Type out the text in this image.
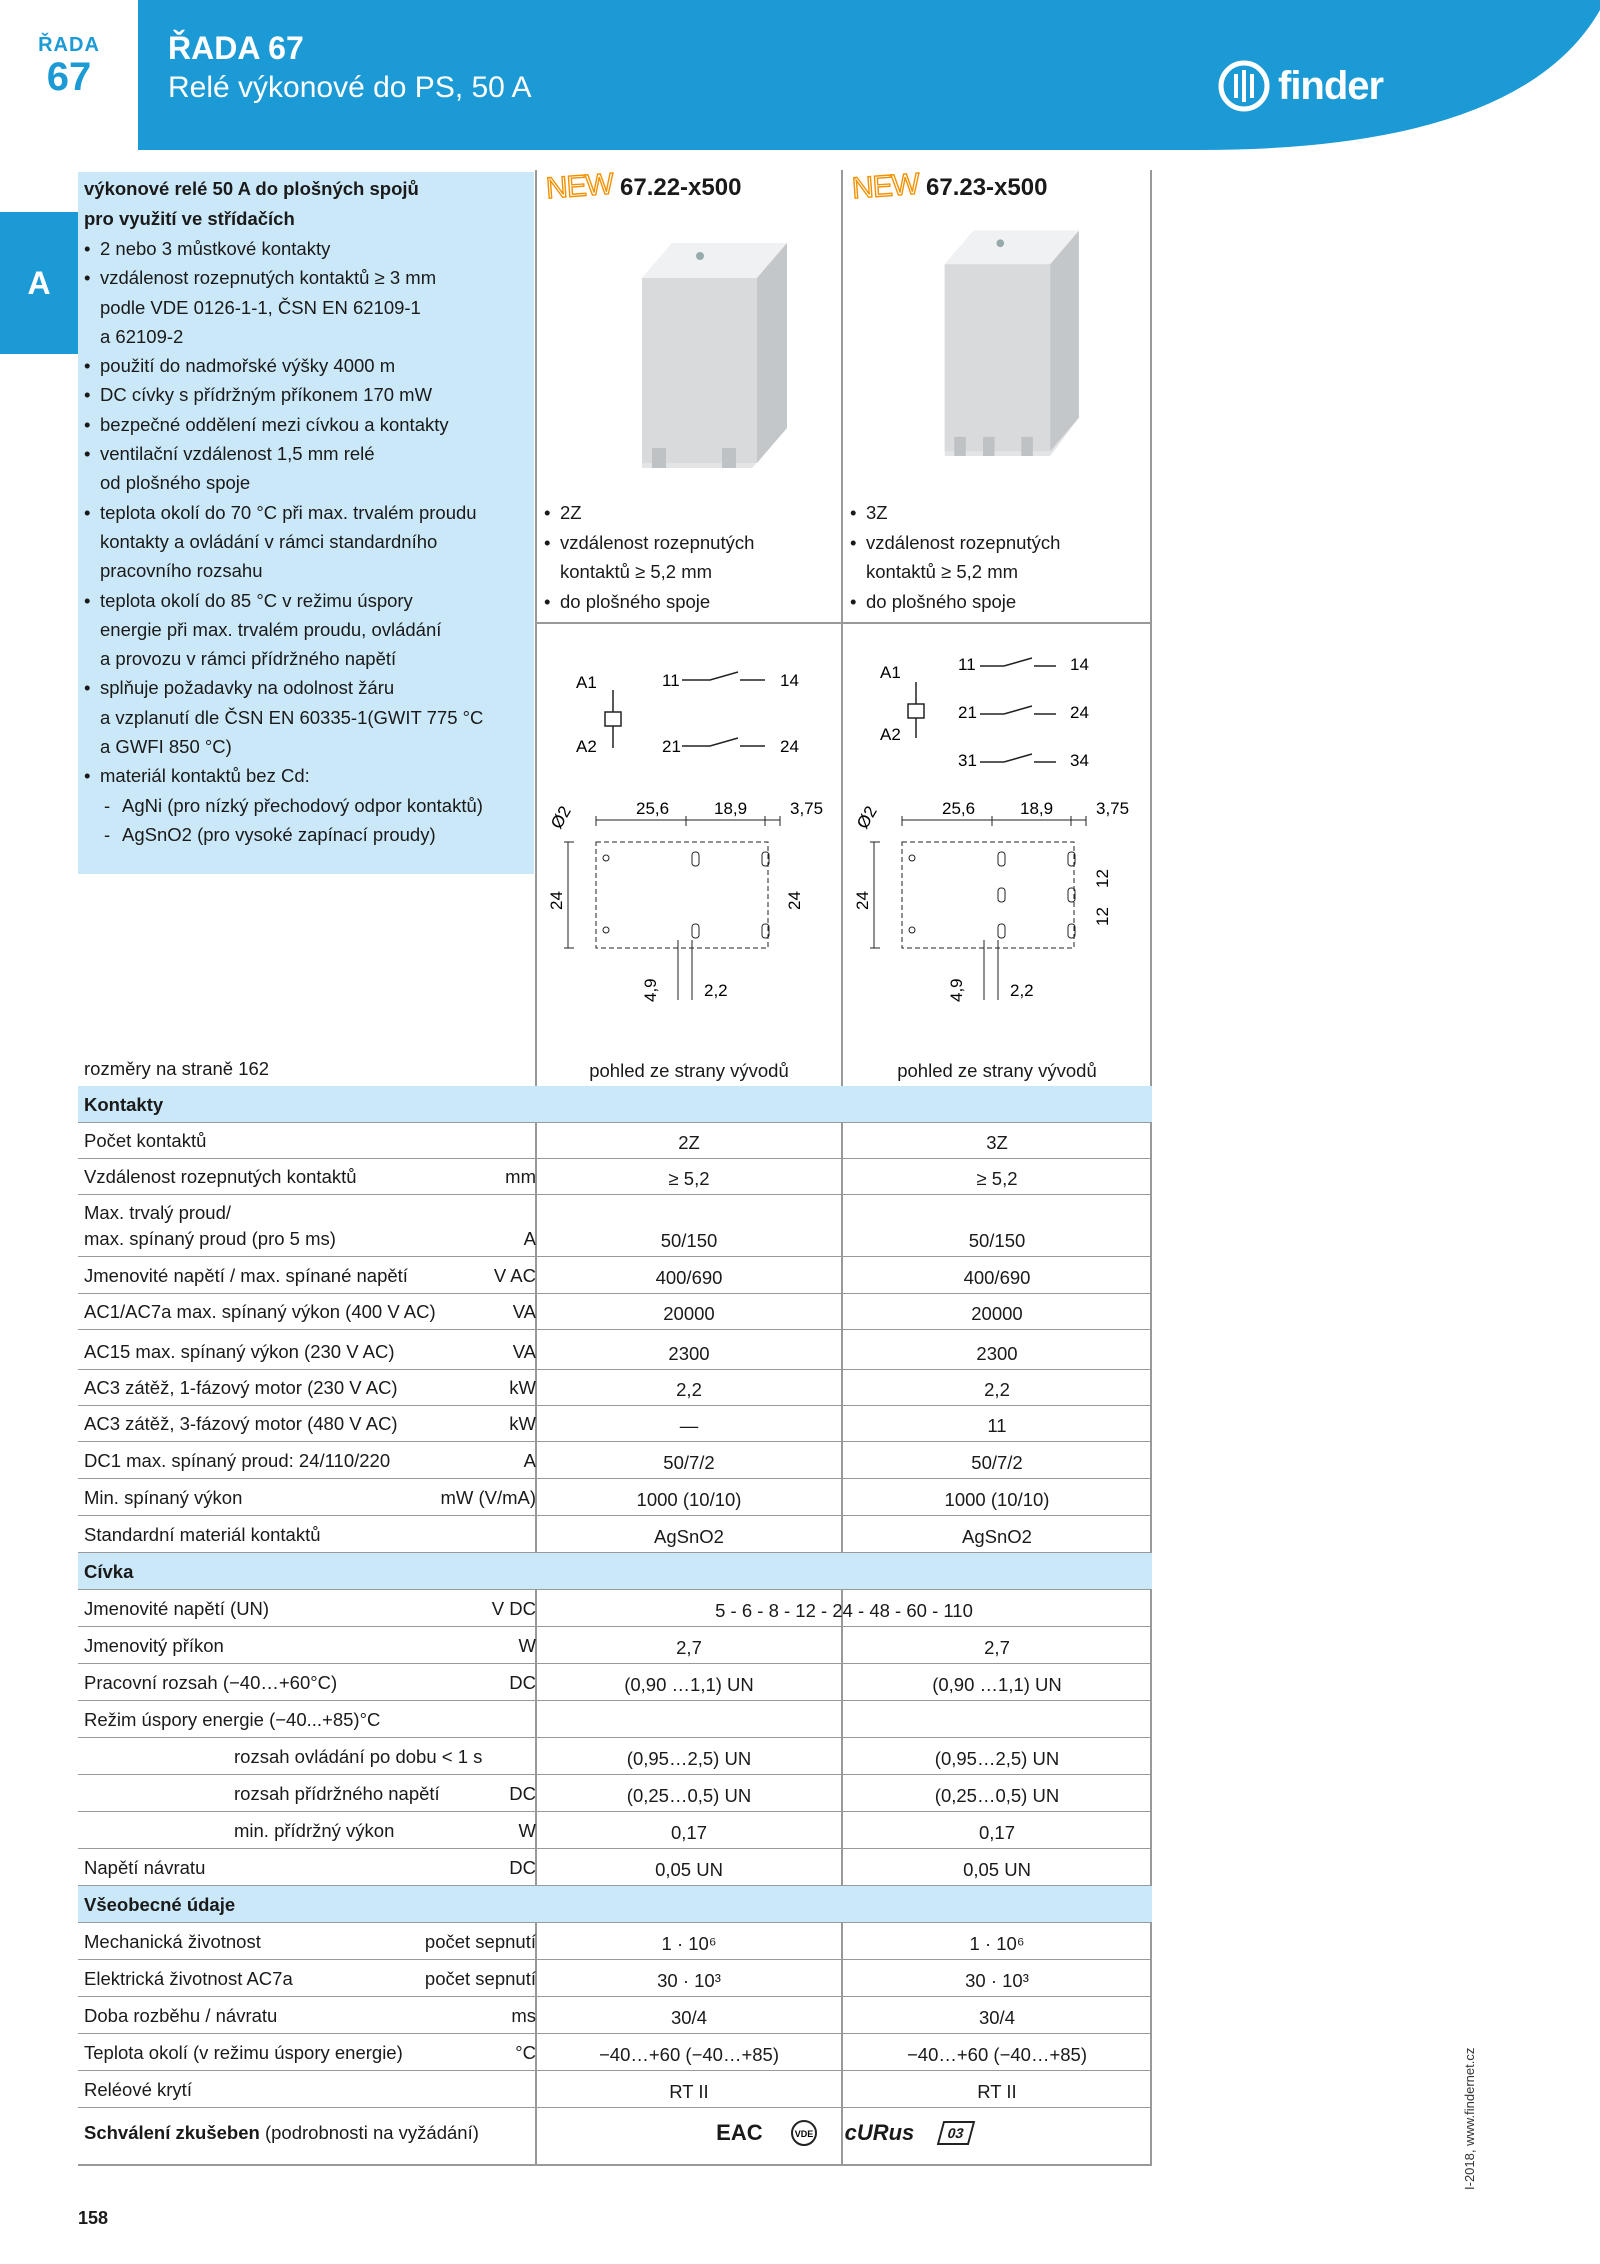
ŘADA
67
ŘADA 67
Relé výkonové do PS, 50 A	finder
A
výkonové relé 50 A do plošných spojů
pro využití ve střídačích
• 2 nebo 3 můstkové kontakty
• vzdálenost rozepnutých kontaktů ≥ 3 mm
podle VDE 0126-1-1, ČSN EN 62109-1
a 62109-2
• použití do nadmořské výšky 4000 m
• DC cívky s přídržným příkonem 170 mW
• bezpečné oddělení mezi cívkou a kontakty
• ventilační vzdálenost 1,5 mm relé
od plošného spoje
• teplota okolí do 70 °C při max. trvalém proudu
kontakty a ovládání v rámci standardního
pracovního rozsahu
• teplota okolí do 85 °C v režimu úspory
energie při max. trvalém proudu, ovládání
a provozu v rámci přídržného napětí
• splňuje požadavky na odolnost žáru
a vzplanutí dle ČSN EN 60335-1(GWIT 775 °C
a GWFI 850 °C)
• materiál kontaktů bez Cd:
- AgNi (pro nízký přechodový odpor kontaktů)
- AgSnO2 (pro vysoké zapínací proudy)
NEW 67.22-x500
• 2Z
• vzdálenost rozepnutých
• kontaktů ≥ 5,2 mm
• do plošného spoje
NEW 67.23-x500
• 3Z
• vzdálenost rozepnutých
• kontaktů ≥ 5,2 mm
• do plošného spoje
A1
A2
11	14
21	24
Ø2	25,6	18,9	3,75
24	24
4,9	2,2
A1
A2
11	14
21	24
31	34
Ø2	25,6	18,9	3,75
24
12
12
4,9	2,2
rozměry na straně 162	pohled ze strany vývodů	pohled ze strany vývodů
Kontakty
Počet kontaktů	2Z	3Z
Vzdálenost rozepnutých kontaktů	mm	≥ 5,2	≥ 5,2
Max. trvalý proud/
max. spínaný proud (pro 5 ms)	A	50/150	50/150
Jmenovité napětí / max. spínané napětí	V AC	400/690	400/690
AC1/AC7a max. spínaný výkon (400 V AC)	VA	20000	20000
AC15 max. spínaný výkon (230 V AC)	VA	2300	2300
AC3 zátěž, 1-fázový motor (230 V AC)	kW	2,2	2,2
AC3 zátěž, 3-fázový motor (480 V AC)	kW	—	11
DC1 max. spínaný proud: 24/110/220	A	50/7/2	50/7/2
Min. spínaný výkon	mW (V/mA)	1000 (10/10)	1000 (10/10)
Standardní materiál kontaktů	AgSnO2	AgSnO2
Cívka
Jmenovité napětí (UN)	V DC	5 - 6 - 8 - 12 - 24 - 48 - 60 - 110
Jmenovitý příkon	W	2,7	2,7
Pracovní rozsah (−40…+60°C)	DC	(0,90 …1,1) UN	(0,90 …1,1) UN
Režim úspory energie (−40...+85)°C
rozsah ovládání po dobu < 1 s	(0,95…2,5) UN	(0,95…2,5) UN
rozsah přídržného napětí	DC	(0,25…0,5) UN	(0,25…0,5) UN
min. přídržný výkon	W	0,17	0,17
Napětí návratu	DC	0,05 UN	0,05 UN
Všeobecné údaje
Mechanická životnost	počet sepnutí	1 · 10⁶	1 · 10⁶
Elektrická životnost AC7a	počet sepnutí	30 · 10³	30 · 10³
Doba rozběhu / návratu	ms	30/4	30/4
Teplota okolí (v režimu úspory energie)	°C	−40…+60 (−40…+85)	−40…+60 (−40…+85)
Reléové krytí	RT II	RT II
Schválení zkušeben (podrobnosti na vyžádání)	EAC	VDE cURus	03
158
I-2018, www.findernet.cz
